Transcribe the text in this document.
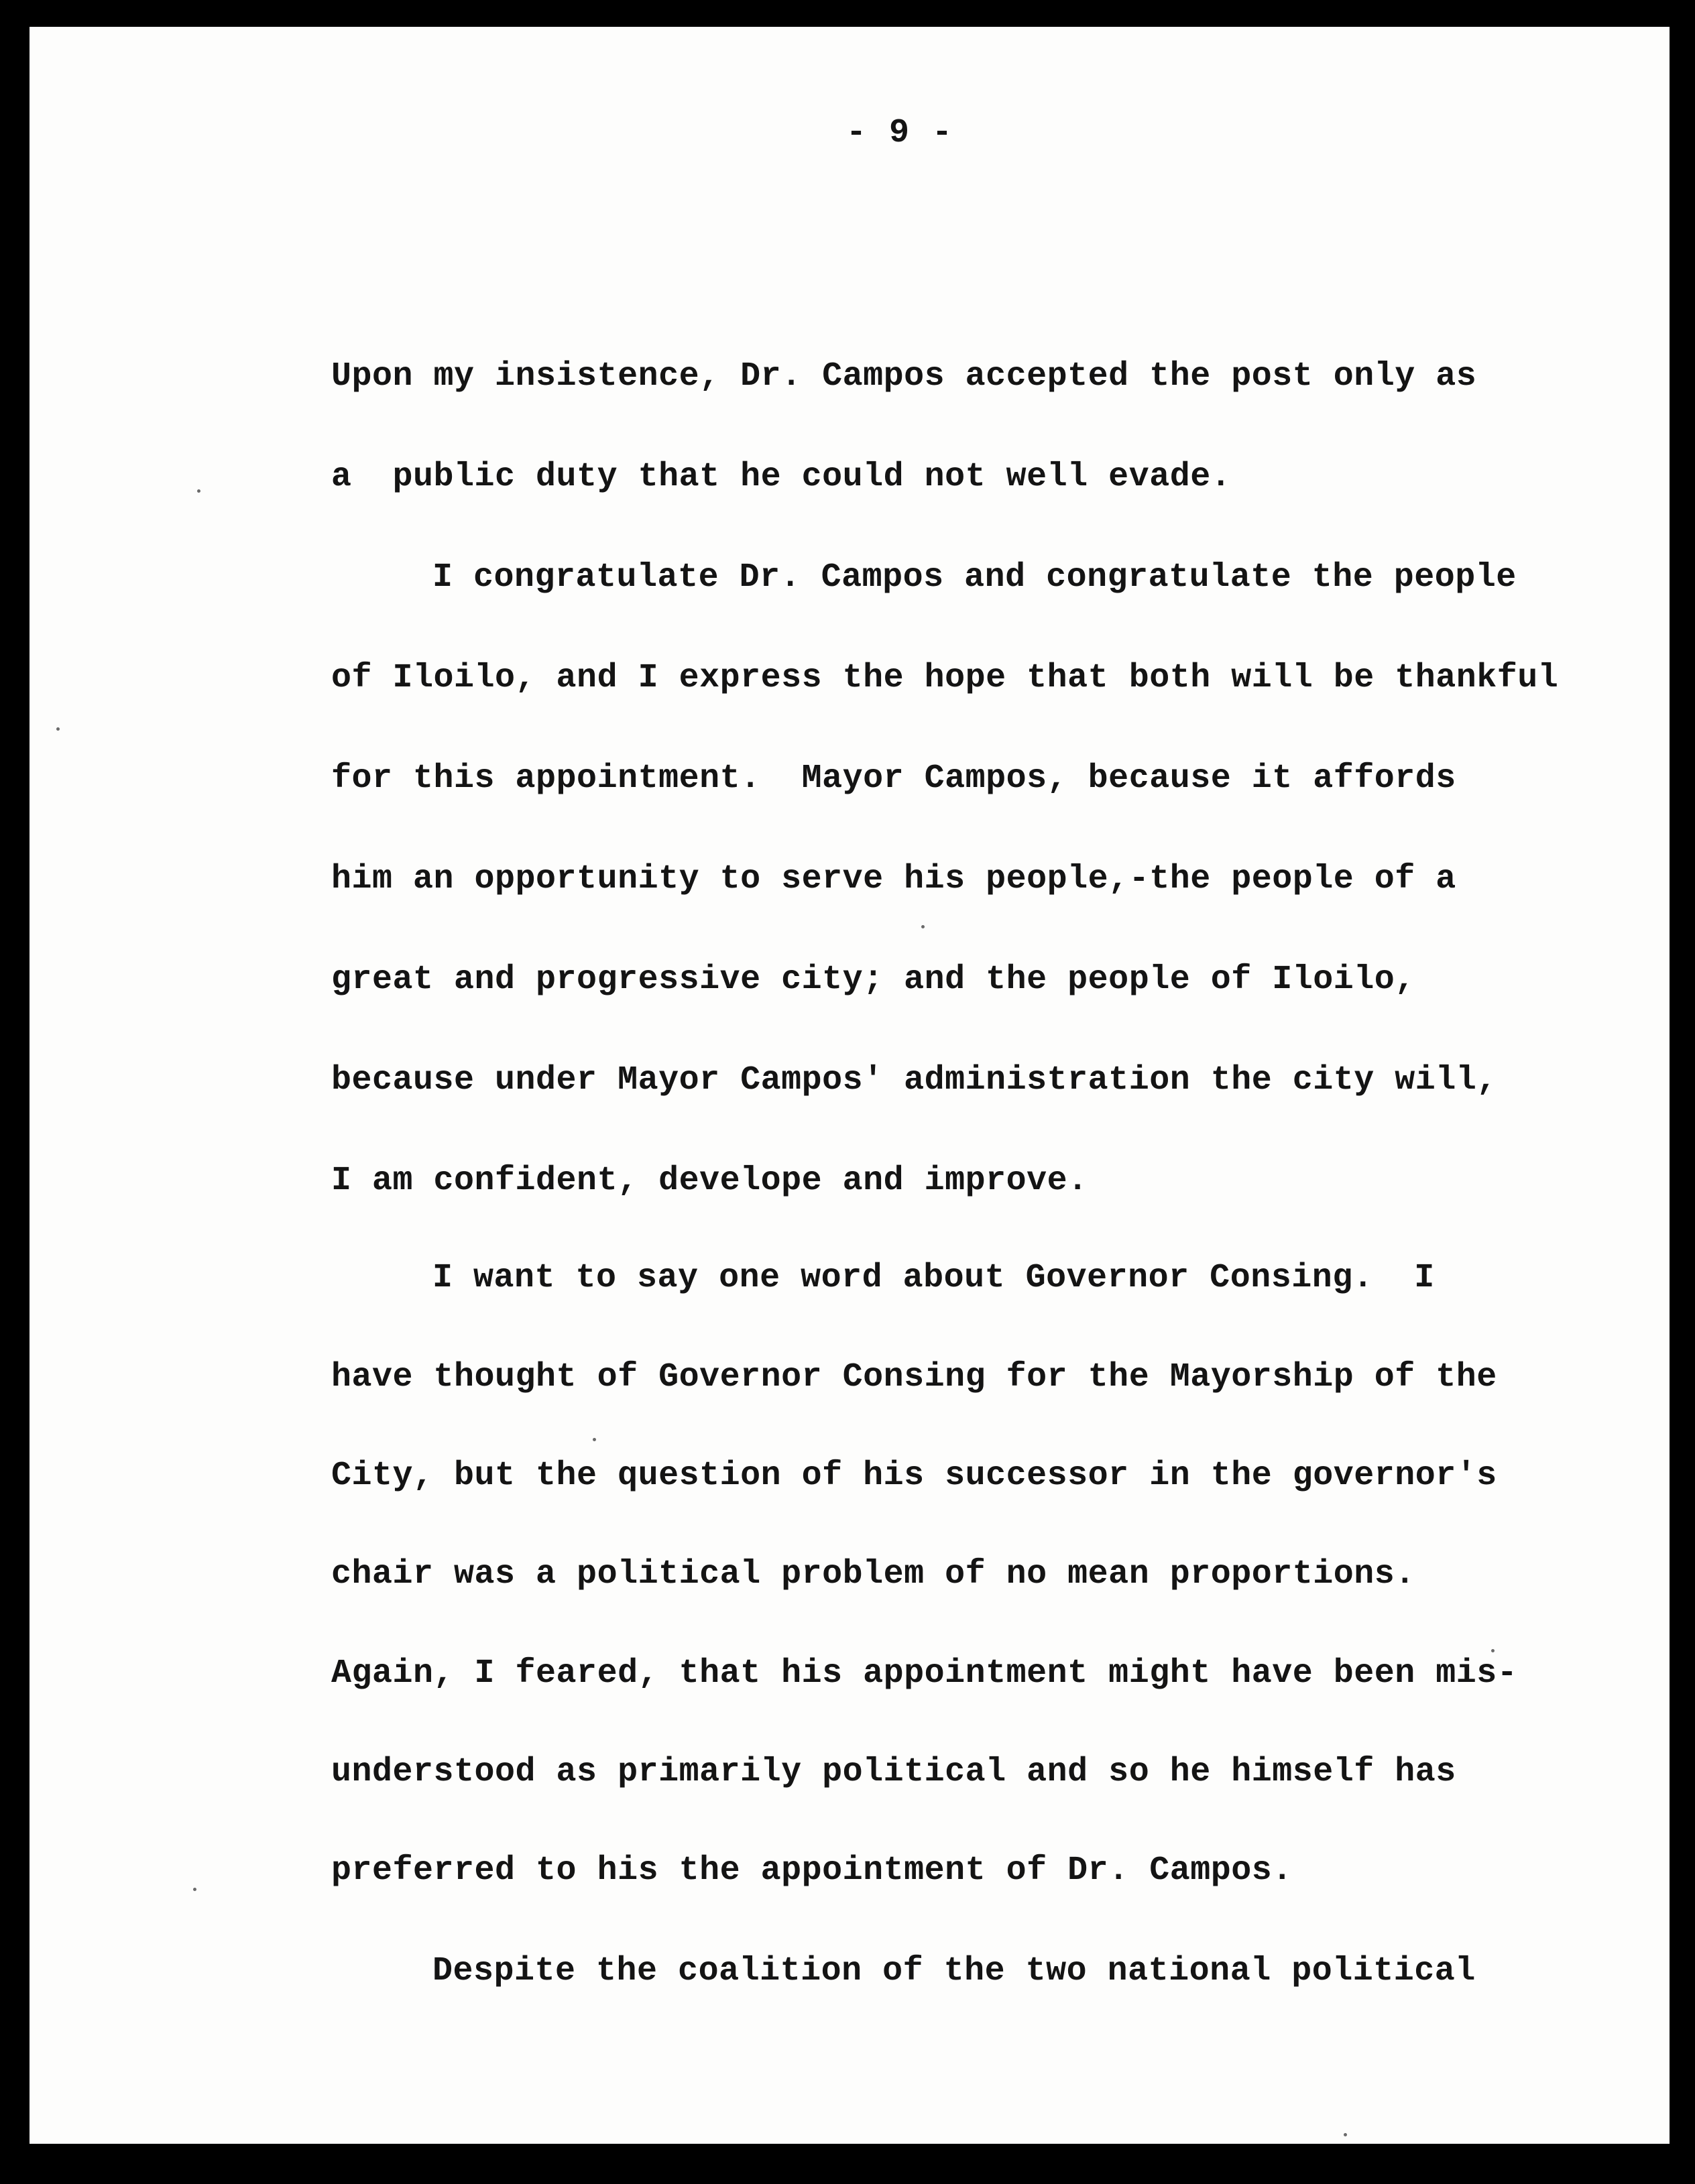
- 9 -
Upon my insistence, Dr. Campos accepted the post only as
a  public duty that he could not well evade.
I congratulate Dr. Campos and congratulate the people
of Iloilo, and I express the hope that both will be thankful
for this appointment.  Mayor Campos, because it affords
him an opportunity to serve his people,-the people of a
great and progressive city; and the people of Iloilo,
because under Mayor Campos' administration the city will,
I am confident, develope and improve.
I want to say one word about Governor Consing.  I
have thought of Governor Consing for the Mayorship of the
City, but the question of his successor in the governor's
chair was a political problem of no mean proportions.
Again, I feared, that his appointment might have been mis-
understood as primarily political and so he himself has
preferred to his the appointment of Dr. Campos.
Despite the coalition of the two national political
